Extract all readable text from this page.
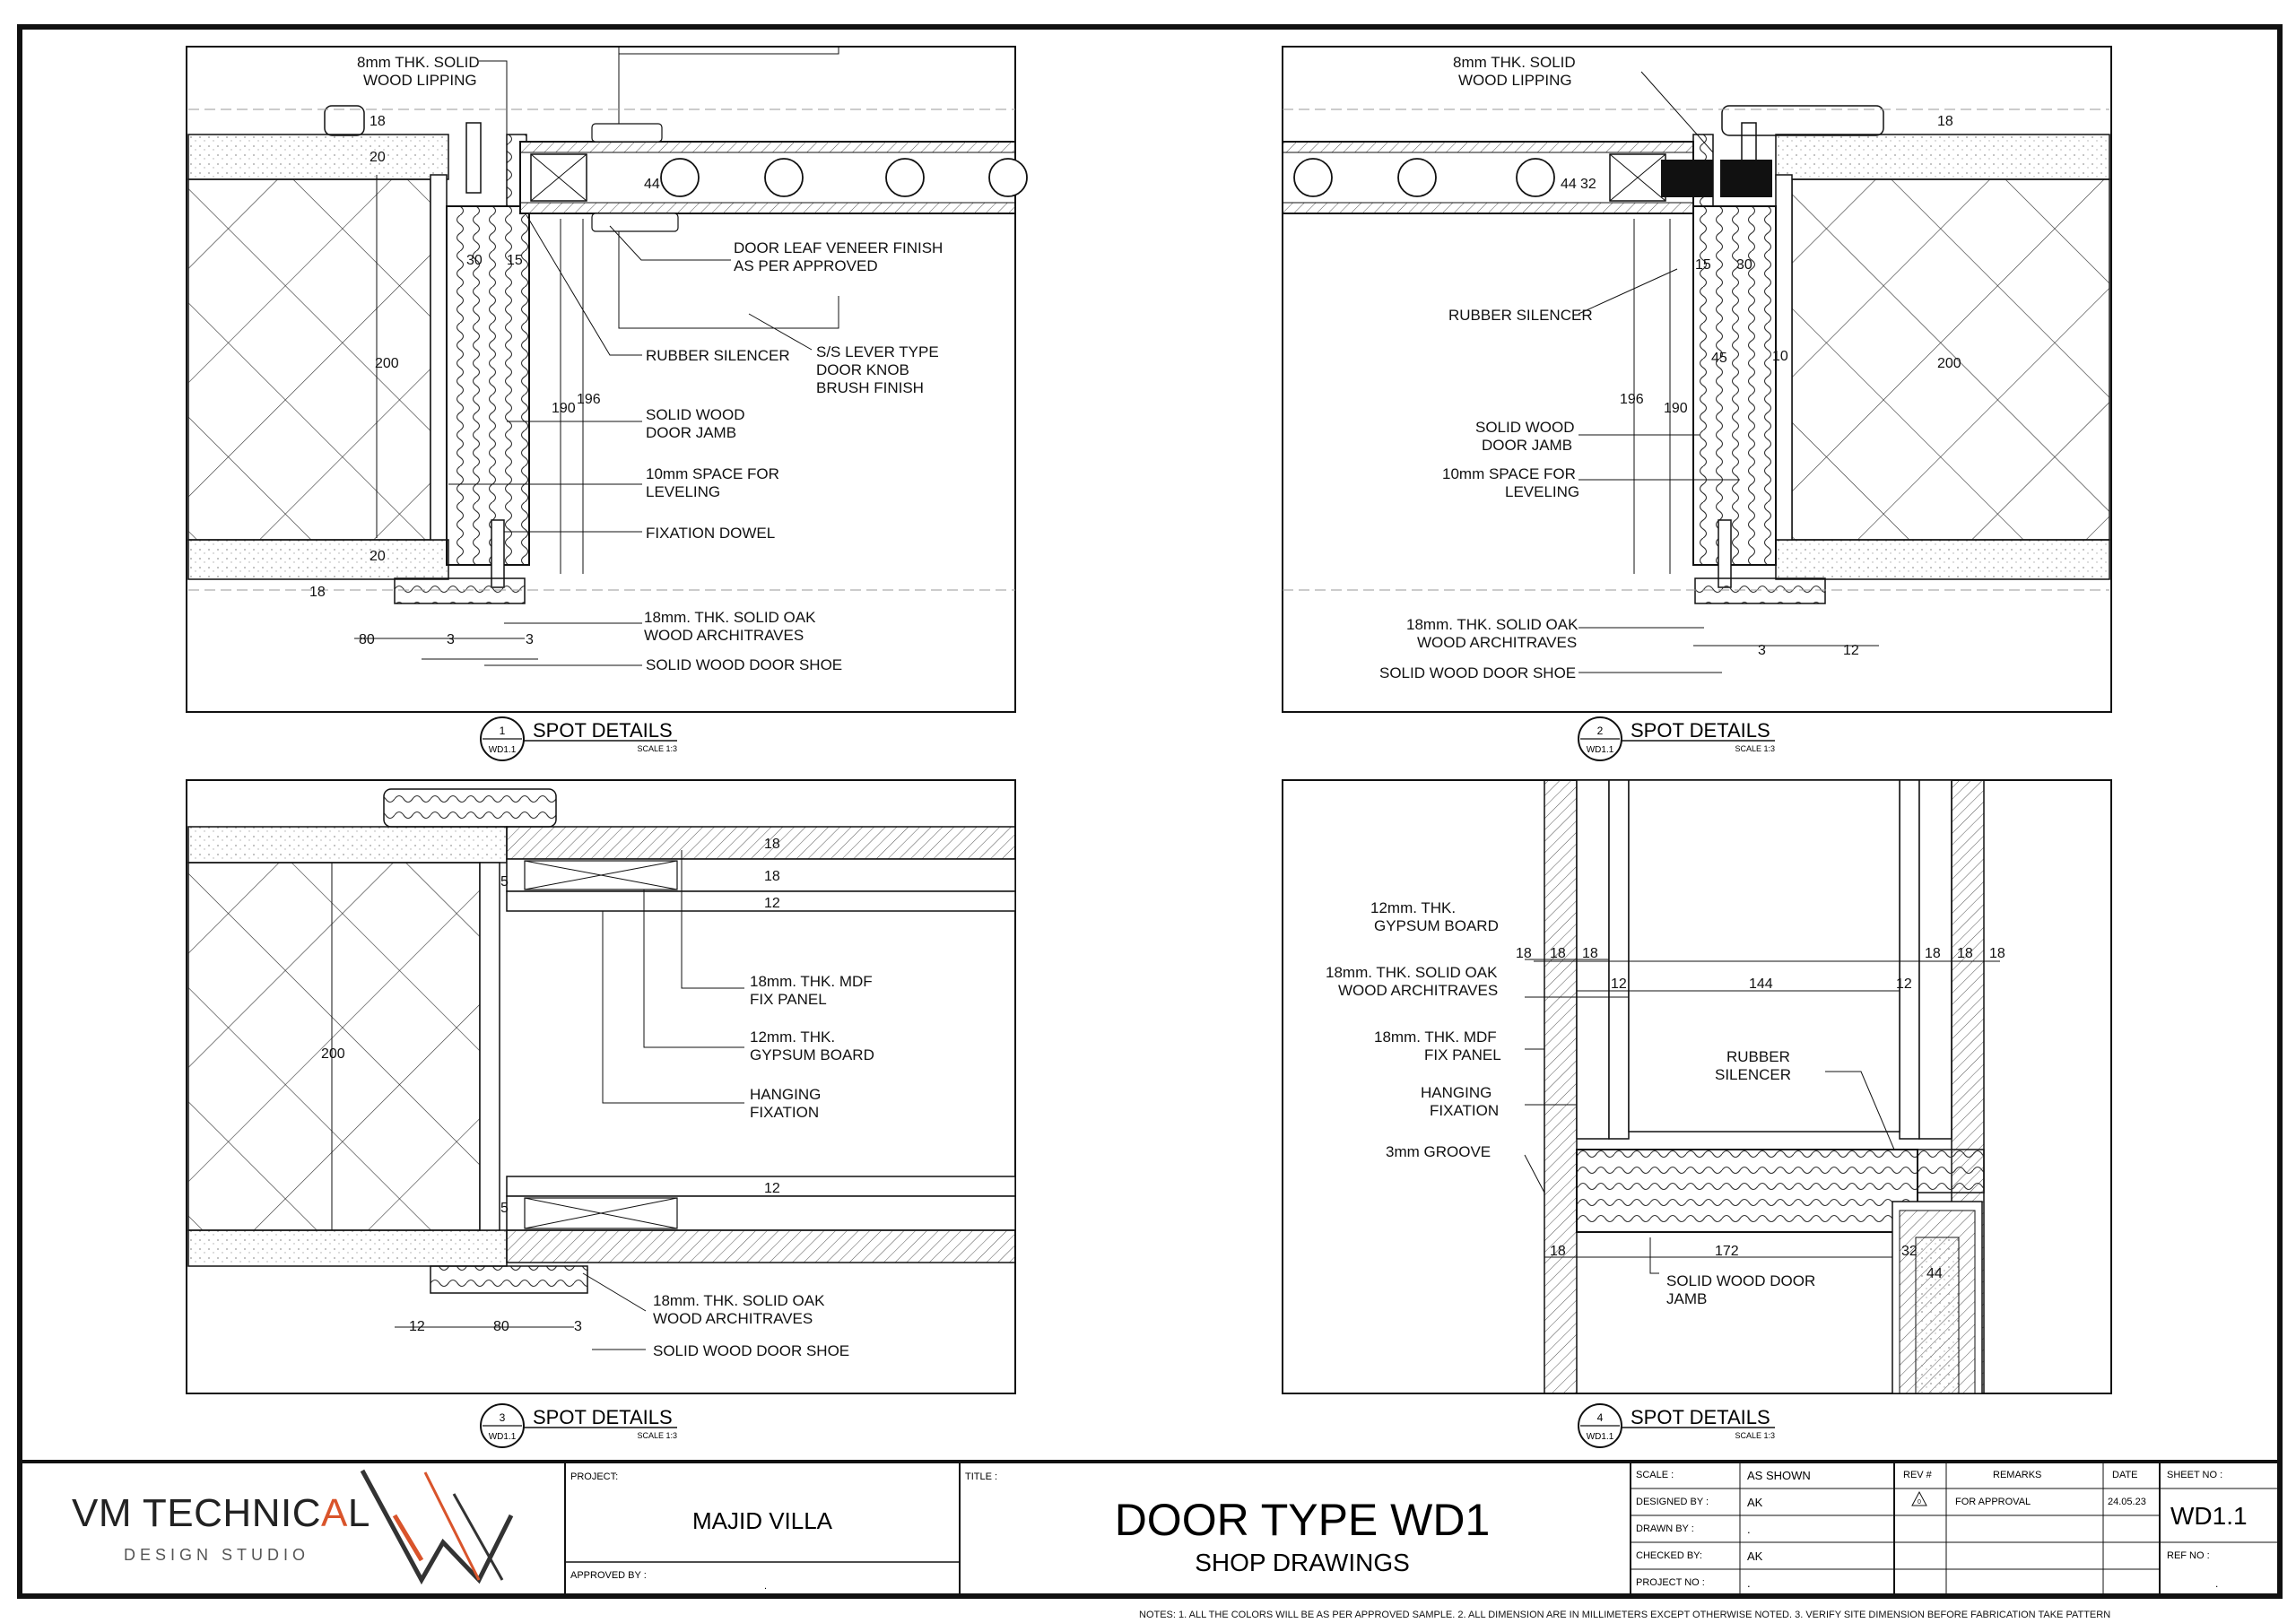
18
20
44
30 15
200
190
196
20
18
80	3	3
8mm THK. SOLID
WOOD LIPPING
DOOR LEAF VENEER FINISH
AS PER APPROVED
RUBBER SILENCER S/S LEVER TYPE
DOOR KNOB
BRUSH FINISH
SOLID WOOD
DOOR JAMB
10mm SPACE FOR
LEVELING
FIXATION DOWEL
18mm. THK. SOLID OAK
WOOD ARCHITRAVES
SOLID WOOD DOOR SHOE
18
32
44
15 30
45	10	200
196
190
3	12
8mm THK. SOLID
WOOD LIPPING
RUBBER SILENCER
SOLID WOOD
DOOR JAMB
10mm SPACE FOR
LEVELING
18mm. THK. SOLID OAK
WOOD ARCHITRAVES
SOLID WOOD DOOR SHOE
200
5
5
18
18
12
12
12	80	3
18mm. THK. MDF
FIX PANEL
12mm. THK.
GYPSUM BOARD
HANGING
FIXATION
18mm. THK. SOLID OAK
WOOD ARCHITRAVES
SOLID WOOD DOOR SHOE
18 18 18	18 18 18
12	144	12
18	172	32
44
12mm. THK.
GYPSUM BOARD
18mm. THK. SOLID OAK
WOOD ARCHITRAVES
18mm. THK. MDF
FIX PANEL
HANGING
FIXATION
3mm GROOVE
RUBBER
SILENCER
SOLID WOOD DOOR
JAMB
1
WD1.1
SPOT DETAILS
SCALE 1:3
2
WD1.1
SPOT DETAILS
SCALE 1:3
3
WD1.1
SPOT DETAILS
SCALE 1:3
4
WD1.1
SPOT DETAILS
SCALE 1:3
VM TECHNICAL
DESIGN STUDIO
PROJECT:
MAJID VILLA
APPROVED BY :
.
TITLE :
DOOR TYPE WD1
SHOP DRAWINGS
SCALE :	AS SHOWN
DESIGNED BY :	AK
DRAWN BY :	.
CHECKED BY:	AK
PROJECT NO :	.
REV #	REMARKS	DATE
0	FOR APPROVAL	24.05.23
SHEET NO :
WD1.1
REF NO :
.
NOTES: 1. ALL THE COLORS WILL BE AS PER APPROVED SAMPLE. 2. ALL DIMENSION ARE IN MILLIMETERS EXCEPT OTHERWISE NOTED. 3. VERIFY SITE DIMENSION BEFORE FABRICATION TAKE PATTERN
